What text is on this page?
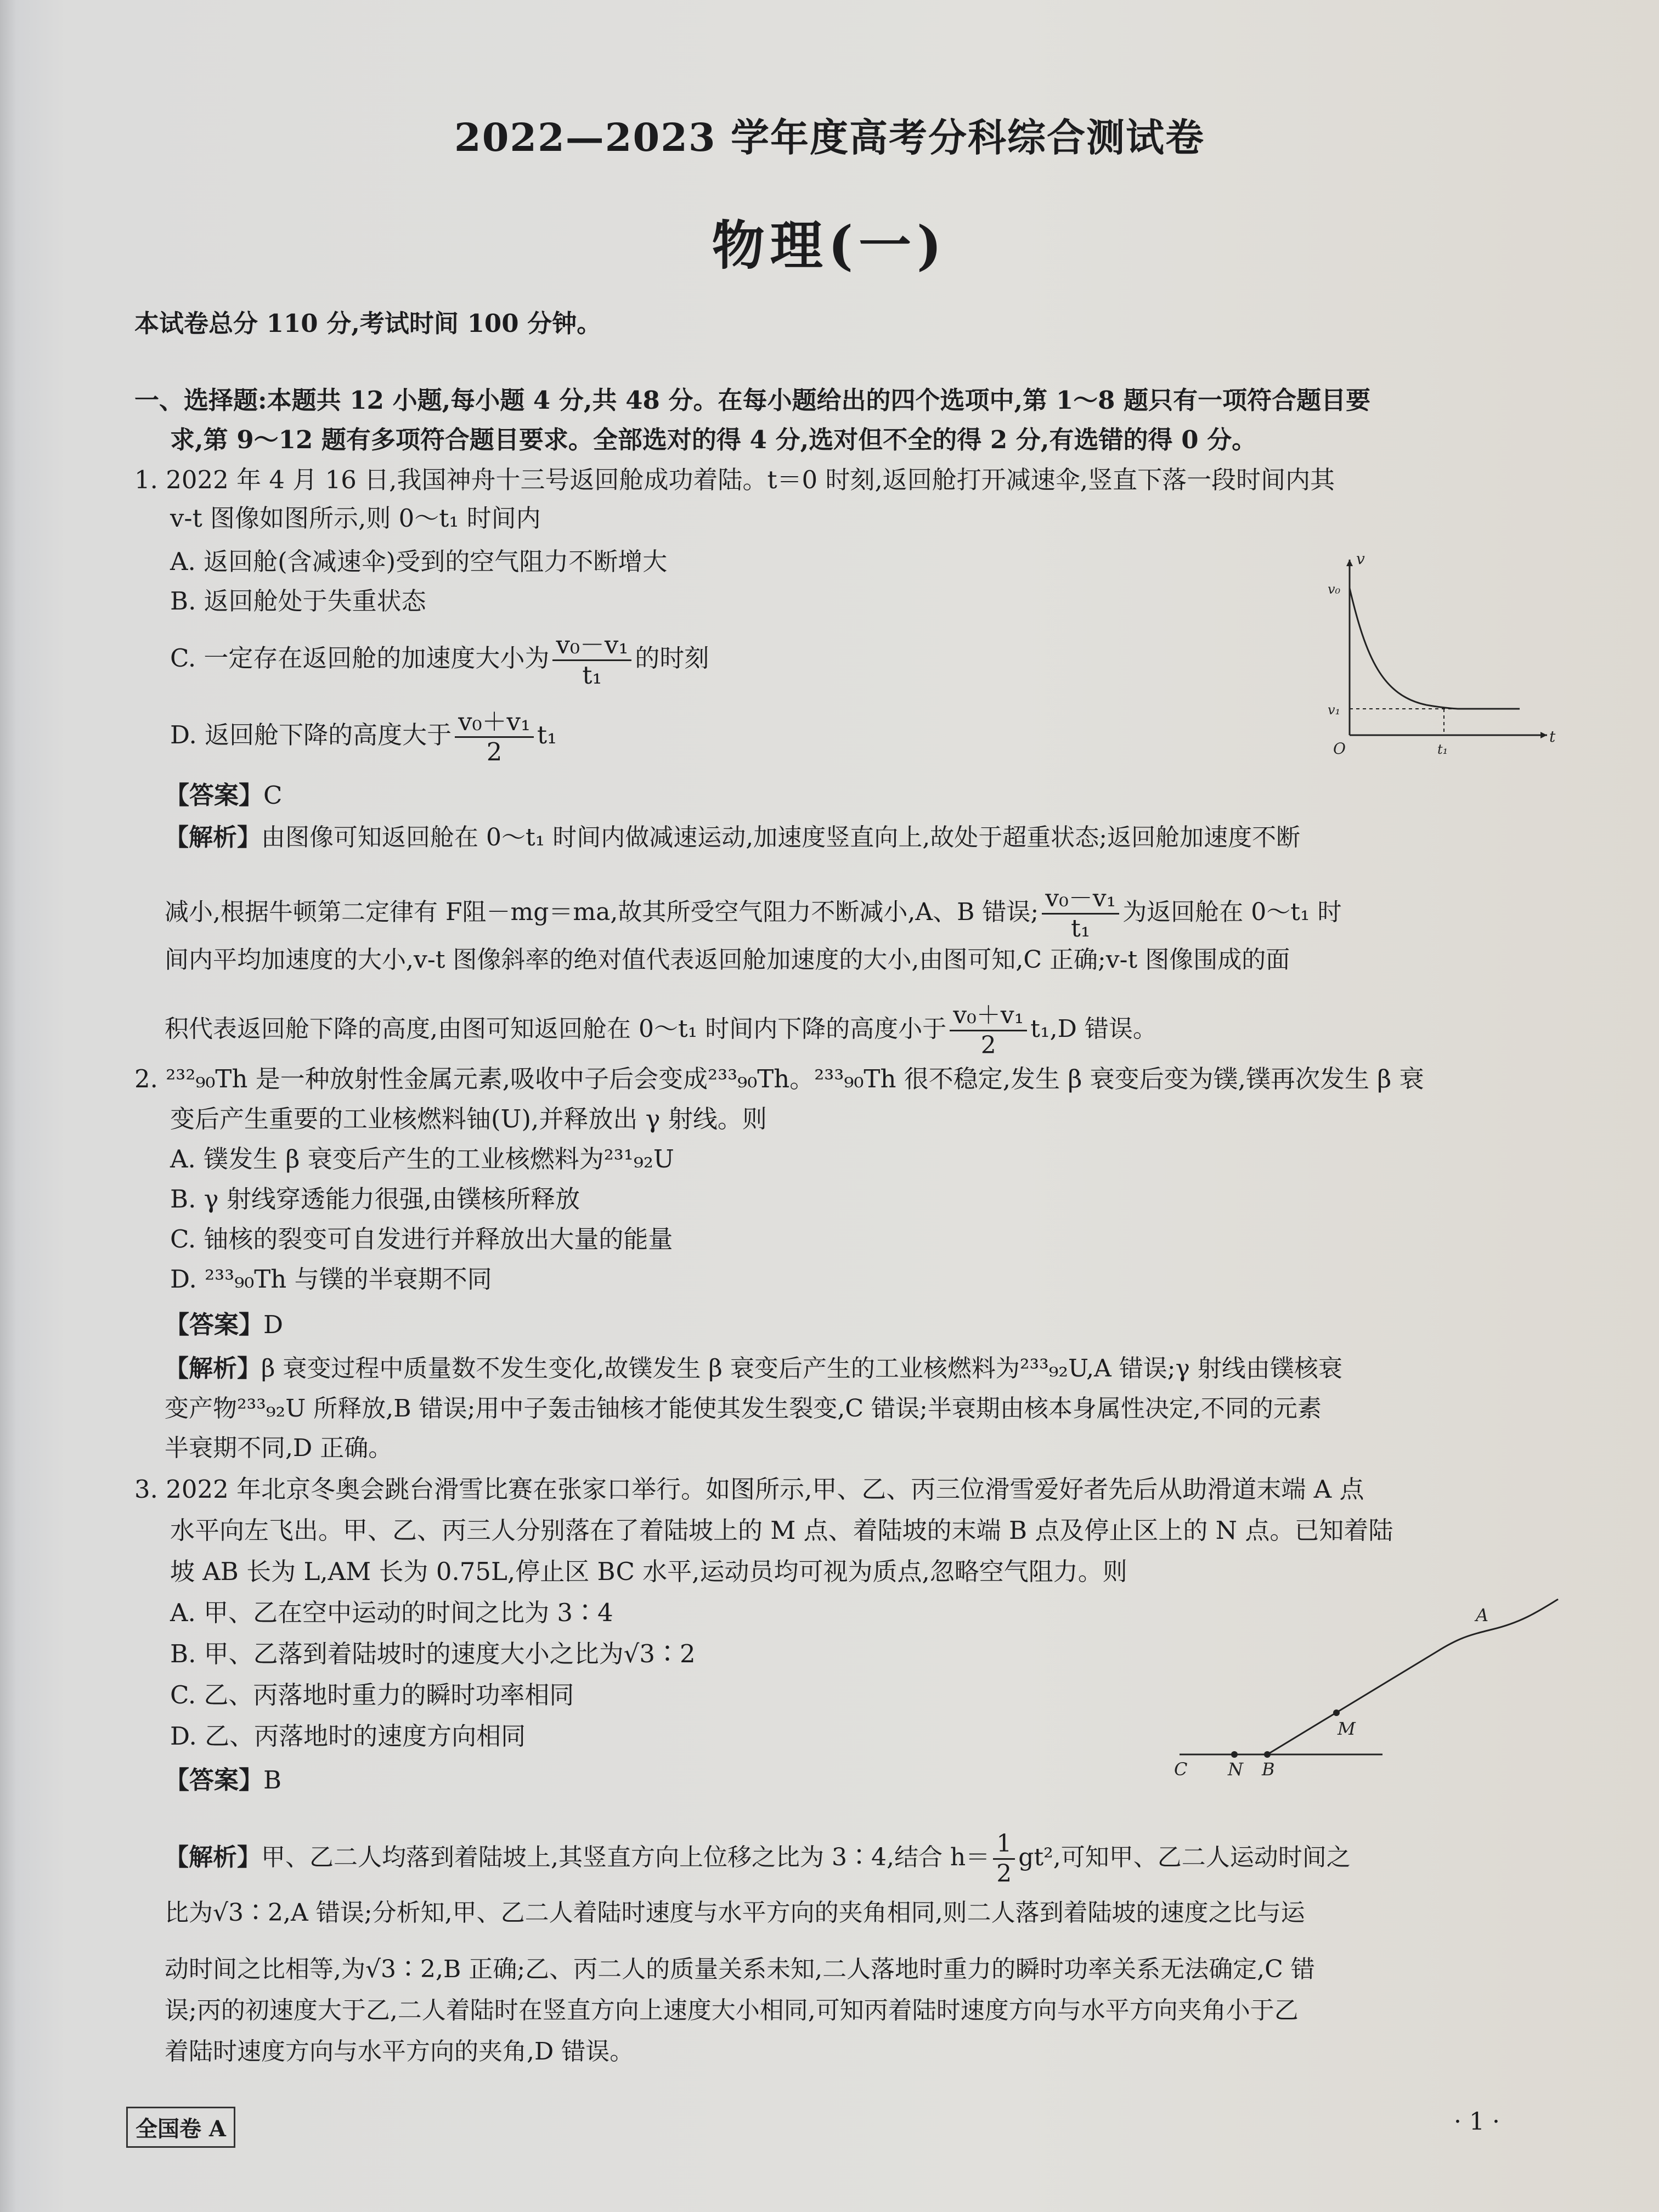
2022—2023 学年度高考分科综合测试卷
物理(一)
本试卷总分 110 分,考试时间 100 分钟。
一、选择题:本题共 12 小题,每小题 4 分,共 48 分。在每小题给出的四个选项中,第 1～8 题只有一项符合题目要
求,第 9～12 题有多项符合题目要求。全部选对的得 4 分,选对但不全的得 2 分,有选错的得 0 分。
1. 2022 年 4 月 16 日,我国神舟十三号返回舱成功着陆。t＝0 时刻,返回舱打开减速伞,竖直下落一段时间内其
v-t 图像如图所示,则 0～t₁ 时间内
A. 返回舱(含减速伞)受到的空气阻力不断增大
B. 返回舱处于失重状态
C. 一定存在返回舱的加速度大小为 $\frac{\text{v₀－v₁}}{\text{t₁}}$ 的时刻
D. 返回舱下降的高度大于 $\frac{\text{v₀＋v₁}}{2} t_1$
v
t
O
v₀
v₁
t₁
【答案】C
【解析】由图像可知返回舱在 0～t₁ 时间内做减速运动,加速度竖直向上,故处于超重状态;返回舱加速度不断
减小,根据牛顿第二定律有 F阻－mg＝ma,故其所受空气阻力不断减小,A、B 错误; $\frac{\text{v₀－v₁}}{\text{t₁}}$ 为返回舱在 0～t₁ 时
间内平均加速度的大小,v-t 图像斜率的绝对值代表返回舱加速度的大小,由图可知,C 正确;v-t 图像围成的面
积代表返回舱下降的高度,由图可知返回舱在 0～t₁ 时间内下降的高度小于 $\frac{\text{v₀＋v₁}}{2} t_1,D$ 错误。
2. ²³²₉₀Th 是一种放射性金属元素,吸收中子后会变成²³³₉₀Th。²³³₉₀Th 很不稳定,发生 β 衰变后变为镤,镤再次发生 β 衰
变后产生重要的工业核燃料铀(U),并释放出 γ 射线。则
A. 镤发生 β 衰变后产生的工业核燃料为²³¹₉₂U
B. γ 射线穿透能力很强,由镤核所释放
C. 铀核的裂变可自发进行并释放出大量的能量
D. ²³³₉₀Th 与镤的半衰期不同
【答案】D
【解析】β 衰变过程中质量数不发生变化,故镤发生 β 衰变后产生的工业核燃料为²³³₉₂U,A 错误;γ 射线由镤核衰
变产物²³³₉₂U 所释放,B 错误;用中子轰击铀核才能使其发生裂变,C 错误;半衰期由核本身属性决定,不同的元素
半衰期不同,D 正确。
3. 2022 年北京冬奥会跳台滑雪比赛在张家口举行。如图所示,甲、乙、丙三位滑雪爱好者先后从助滑道末端 A 点
水平向左飞出。甲、乙、丙三人分别落在了着陆坡上的 M 点、着陆坡的末端 B 点及停止区上的 N 点。已知着陆
坡 AB 长为 L,AM 长为 0.75L,停止区 BC 水平,运动员均可视为质点,忽略空气阻力。则
A. 甲、乙在空中运动的时间之比为 3∶4
B. 甲、乙落到着陆坡时的速度大小之比为√3∶2
C. 乙、丙落地时重力的瞬时功率相同
D. 乙、丙落地时的速度方向相同
【答案】B	C N B
M
A
【解析】甲、乙二人均落到着陆坡上,其竖直方向上位移之比为 3∶4,结合 $h= \frac{1}{2} gt^2$,可知甲、乙二人运动时间之
比为√3∶2,A 错误;分析知,甲、乙二人着陆时速度与水平方向的夹角相同,则二人落到着陆坡的速度之比与运
动时间之比相等,为√3∶2,B 正确;乙、丙二人的质量关系未知,二人落地时重力的瞬时功率关系无法确定,C 错
误;丙的初速度大于乙,二人着陆时在竖直方向上速度大小相同,可知丙着陆时速度方向与水平方向夹角小于乙
着陆时速度方向与水平方向的夹角,D 错误。
全国卷 A	· 1 ·
